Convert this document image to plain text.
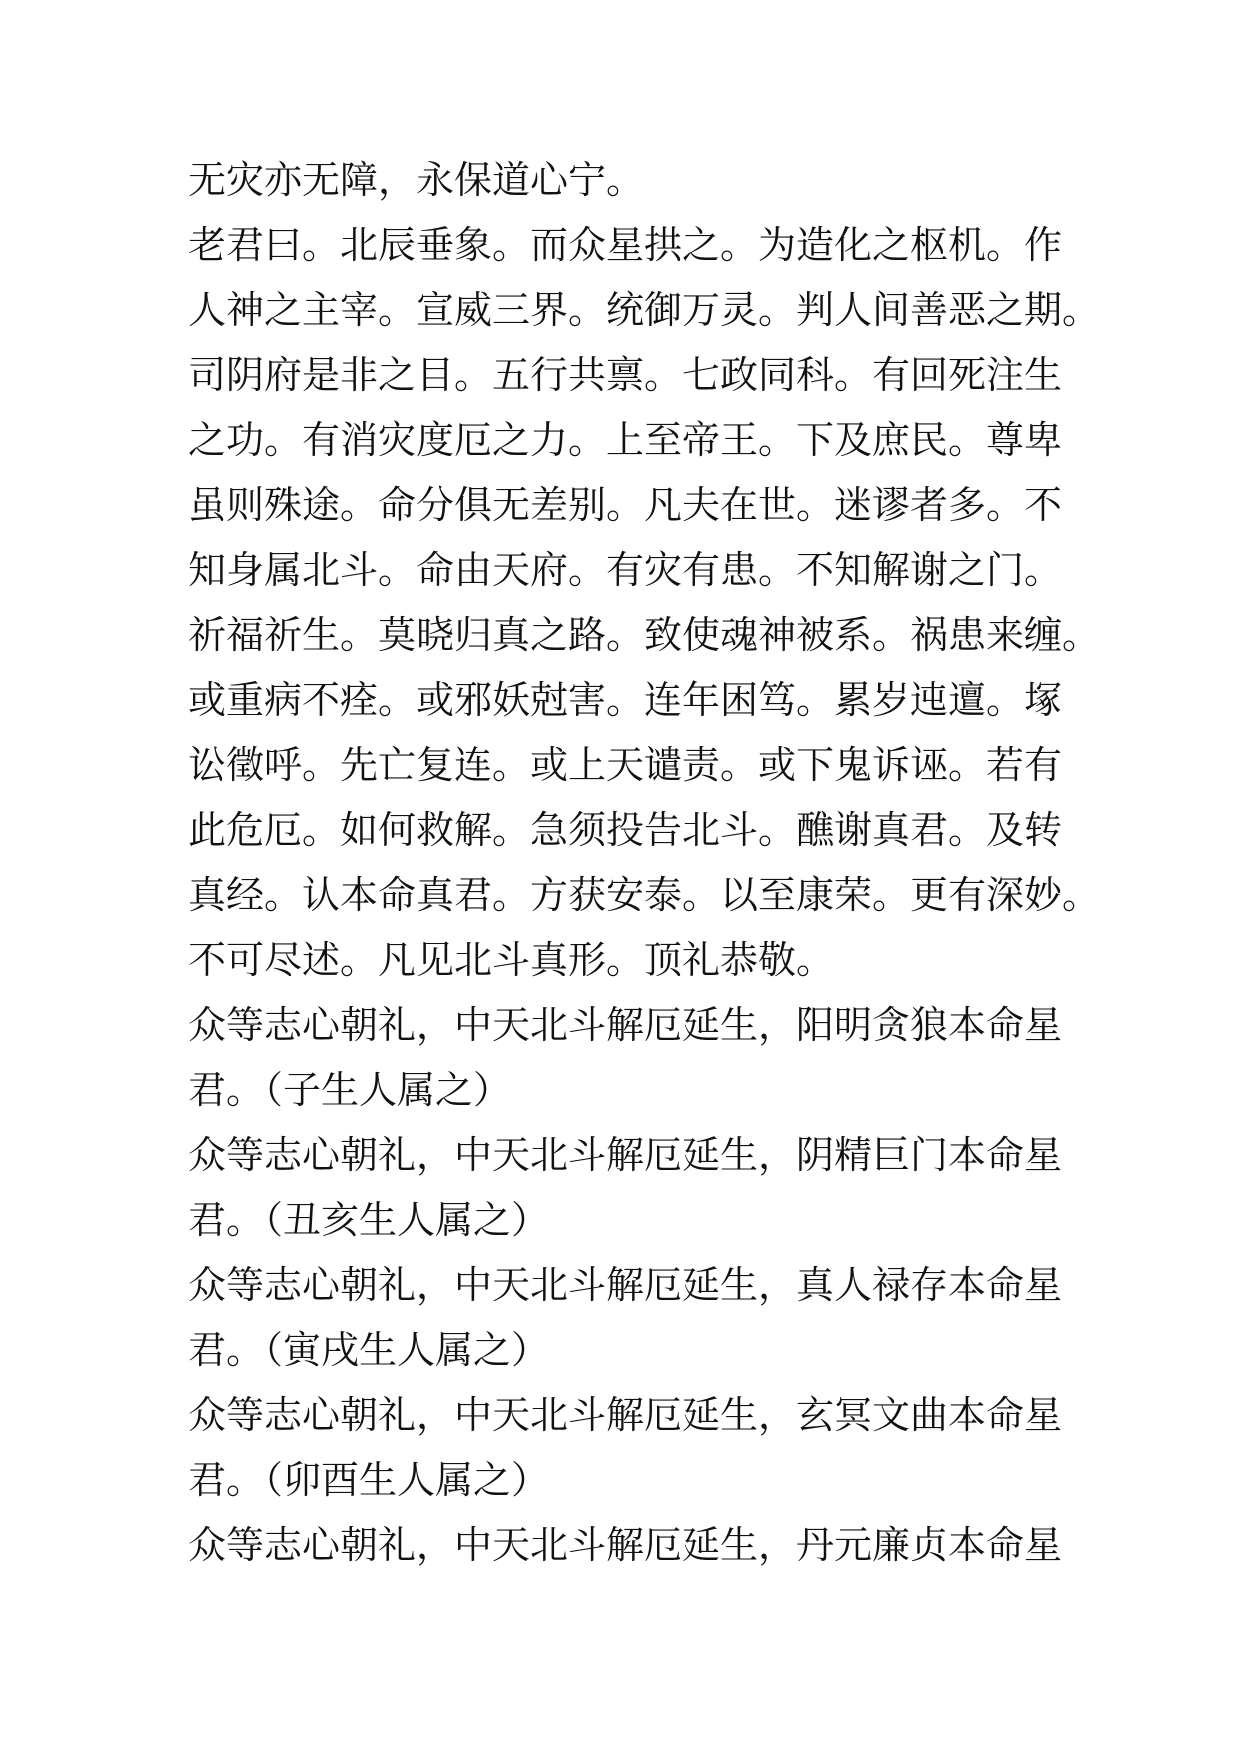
无灾亦无障，永保道心宁。
老君曰。北辰垂象。而众星拱之。为造化之枢机。作
人神之主宰。宣威三界。统御万灵。判人间善恶之期。
司阴府是非之目。五行共禀。七政同科。有回死注生
之功。有消灾度厄之力。上至帝王。下及庶民。尊卑
虽则殊途。命分俱无差别。凡夫在世。迷谬者多。不
知身属北斗。命由天府。有灾有患。不知解谢之门。
祈福祈生。莫晓归真之路。致使魂神被系。祸患来缠。
或重病不痊。或邪妖尅害。连年困笃。累岁迍邅。塚
讼徵呼。先亡复连。或上天谴责。或下鬼诉诬。若有
此危厄。如何救解。急须投告北斗。醮谢真君。及转
真经。认本命真君。方获安泰。以至康荣。更有深妙。
不可尽述。凡见北斗真形。顶礼恭敬。
众等志心朝礼，中天北斗解厄延生，阳明贪狼本命星
君。（子生人属之）
众等志心朝礼，中天北斗解厄延生，阴精巨门本命星
君。（丑亥生人属之）
众等志心朝礼，中天北斗解厄延生，真人禄存本命星
君。（寅戌生人属之）
众等志心朝礼，中天北斗解厄延生，玄冥文曲本命星
君。（卯酉生人属之）
众等志心朝礼，中天北斗解厄延生，丹元廉贞本命星
